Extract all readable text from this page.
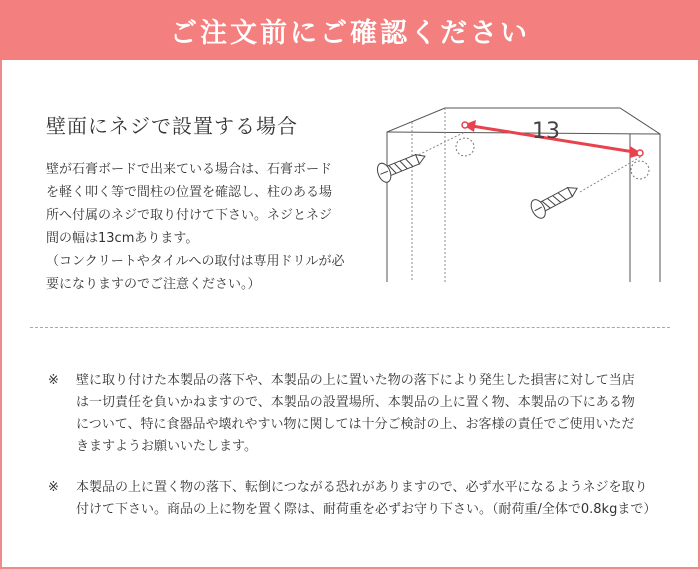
ご注文前にご確認ください
壁面にネジで設置する場合

壁が石膏ボードで出来ている場合は、石膏ボード

を軽く叩く等で間柱の位置を確認し、柱のある場

所へ付属のネジで取り付けて下さい。ネジとネジ

間の幅は13cmあります。

（コンクリートやタイルへの取付は専用ドリルが必

要になりますのでご注意ください。）

13
※	壁に取り付けた本製品の落下や、本製品の上に置いた物の落下により発生した損害に対して当店

は一切責任を負いかねますので、本製品の設置場所、本製品の上に置く物、本製品の下にある物

について、特に食器品や壊れやすい物に関しては十分ご検討の上、お客様の責任でご使用いただ

きますようお願いいたします。

※	本製品の上に置く物の落下、転倒につながる恐れがありますので、必ず水平になるようネジを取り

付けて下さい。商品の上に物を置く際は、耐荷重を必ずお守り下さい。（耐荷重/全体で0.8kgまで）
